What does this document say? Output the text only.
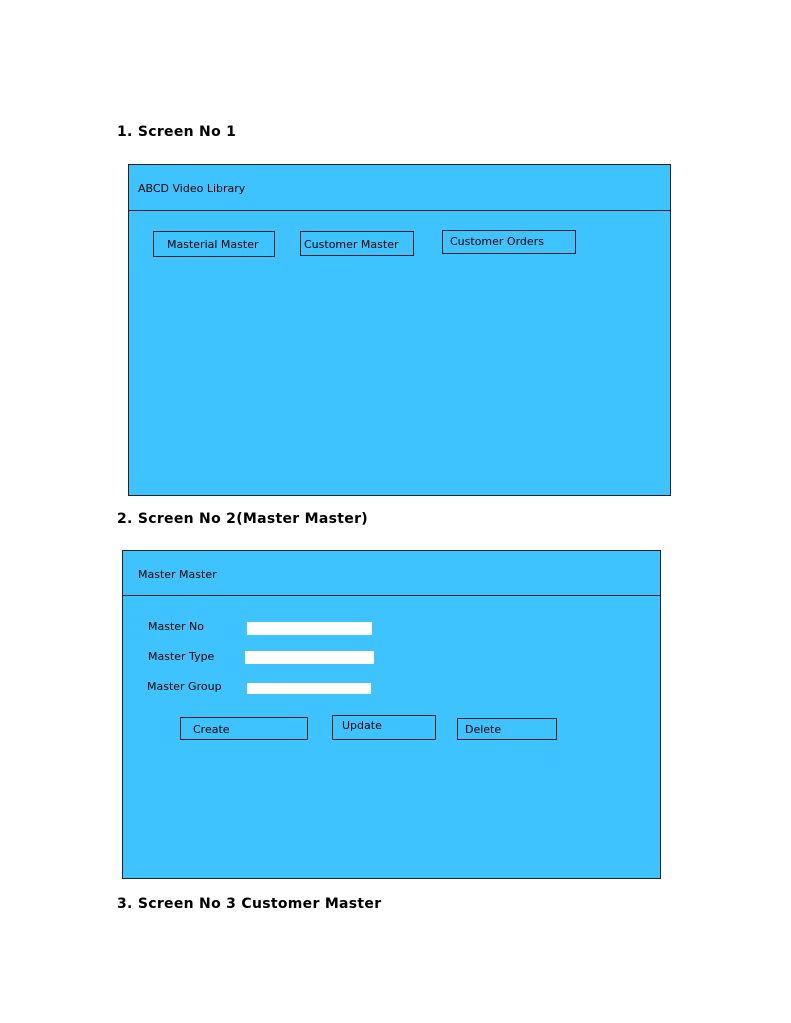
1. Screen No 1
ABCD Video Library
Masterial Master	Customer Master	Customer Orders
2. Screen No 2(Master Master)
Master Master
Master No
Master Type
Master Group
Create	Update	Delete
3. Screen No 3 Customer Master
